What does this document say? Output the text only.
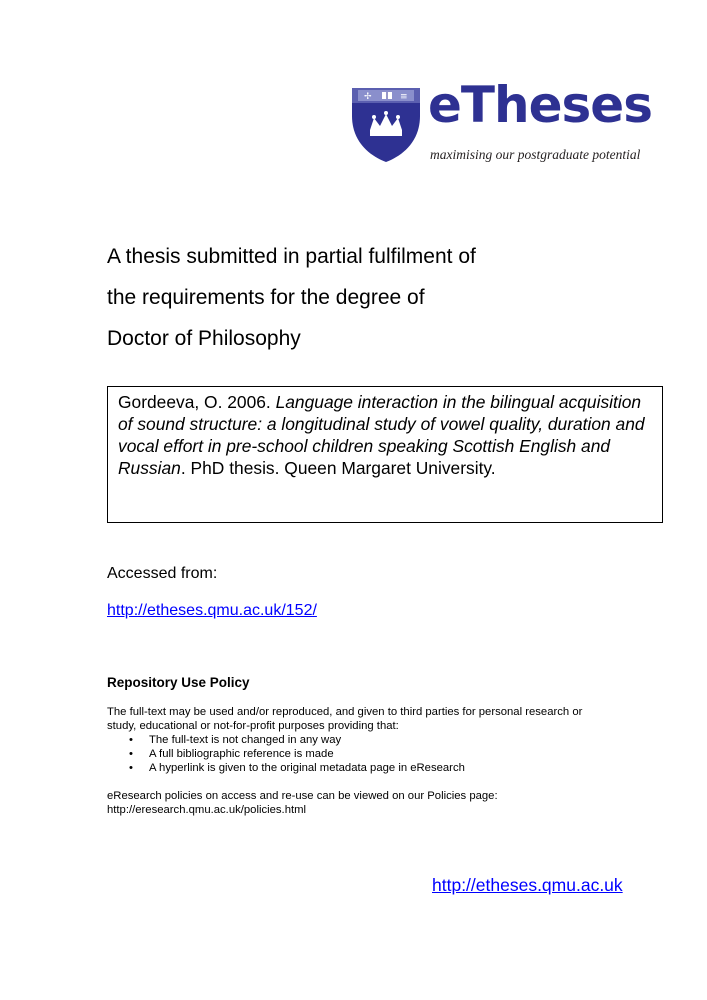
✢	≡ eTheses
maximising our postgraduate potential
A thesis submitted in partial fulfilment of
the requirements for the degree of
Doctor of Philosophy

Gordeeva, O. 2006. Language interaction in the bilingual acquisition of sound structure: a longitudinal study of vowel quality, duration and vocal effort in pre-school children speaking Scottish English and Russian. PhD thesis. Queen Margaret University.

Accessed from:
http://etheses.qmu.ac.uk/152/
Repository Use Policy

The full-text may be used and/or reproduced, and given to third parties for personal research or study, educational or not-for-profit purposes providing that:

• The full-text is not changed in any way
• A full bibliographic reference is made
• A hyperlink is given to the original metadata page in eResearch

eResearch policies on access and re-use can be viewed on our Policies page: http://eresearch.qmu.ac.uk/policies.html

http://etheses.qmu.ac.uk
